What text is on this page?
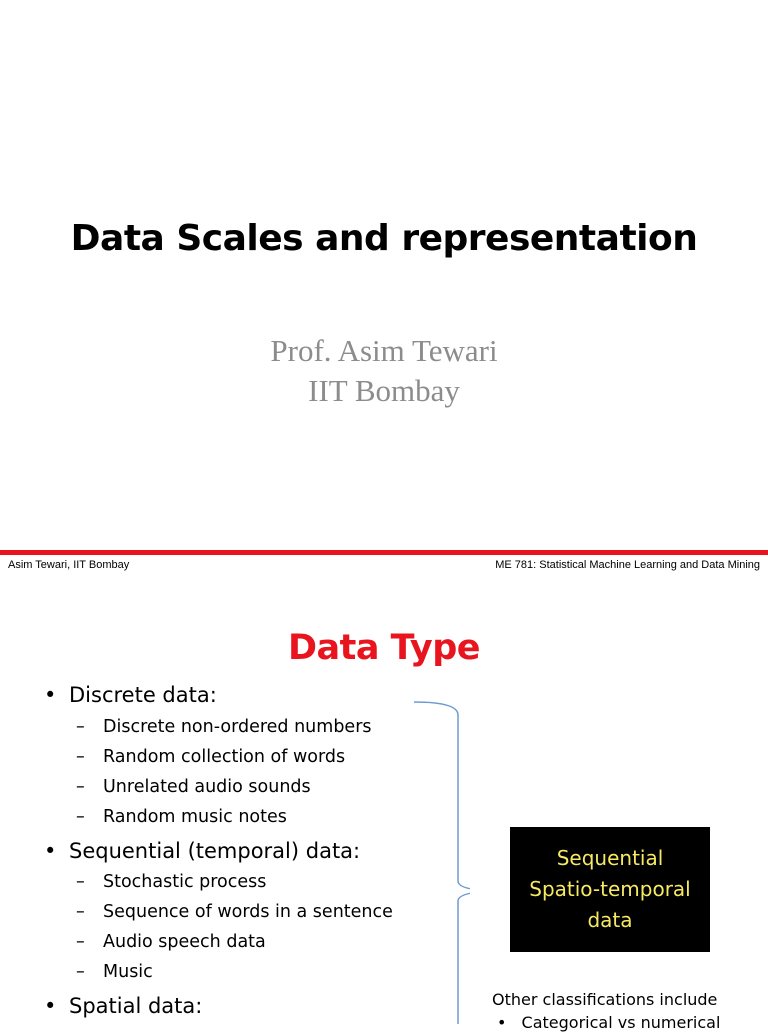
Data Scales and representation
Prof. Asim Tewari
IIT Bombay
Asim Tewari, IIT Bombay	ME 781: Statistical Machine Learning and Data Mining
Data Type
• Discrete data:
– Discrete non-ordered numbers
– Random collection of words
– Unrelated audio sounds
– Random music notes
• Sequential (temporal) data:
– Stochastic process
– Sequence of words in a sentence
– Audio speech data
– Music
• Spatial data:
Sequential
Spatio-temporal
data
Other classifications include
• Categorical vs numerical
